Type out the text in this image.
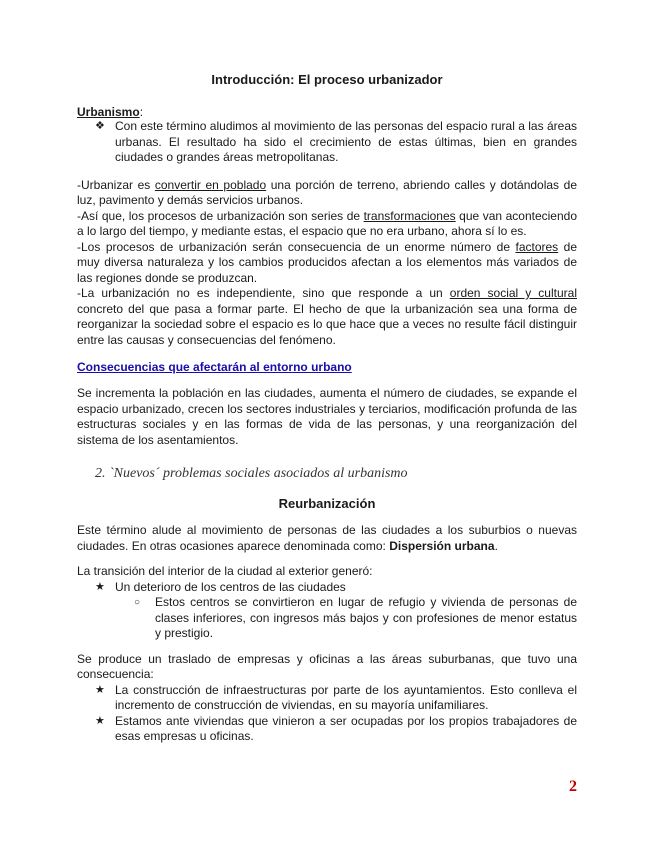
Introducción: El proceso urbanizador
Urbanismo:
❖ Con este término aludimos al movimiento de las personas del espacio rural a las áreas urbanas. El resultado ha sido el crecimiento de estas últimas, bien en grandes ciudades o grandes áreas metropolitanas.

-Urbanizar es convertir en poblado una porción de terreno, abriendo calles y dotándolas de luz, pavimento y demás servicios urbanos.

-Así que, los procesos de urbanización son series de transformaciones que van aconteciendo a lo largo del tiempo, y mediante estas, el espacio que no era urbano, ahora sí lo es.

-Los procesos de urbanización serán consecuencia de un enorme número de factores de muy diversa naturaleza y los cambios producidos afectan a los elementos más variados de las regiones donde se produzcan.

-La urbanización no es independiente, sino que responde a un orden social y cultural concreto del que pasa a formar parte. El hecho de que la urbanización sea una forma de reorganizar la sociedad sobre el espacio es lo que hace que a veces no resulte fácil distinguir entre las causas y consecuencias del fenómeno.

Consecuencias que afectarán al entorno urbano

Se incrementa la población en las ciudades, aumenta el número de ciudades, se expande el espacio urbanizado, crecen los sectores industriales y terciarios, modificación profunda de las estructuras sociales y en las formas de vida de las personas, y una reorganización del sistema de los asentamientos.

2. `Nuevos´ problemas sociales asociados al urbanismo
Reurbanización

Este término alude al movimiento de personas de las ciudades a los suburbios o nuevas ciudades. En otras ocasiones aparece denominada como: Dispersión urbana.

La transición del interior de la ciudad al exterior generó:

★ Un deterioro de los centros de las ciudades
○ Estos centros se convirtieron en lugar de refugio y vivienda de personas de clases inferiores, con ingresos más bajos y con profesiones de menor estatus y prestigio.

Se produce un traslado de empresas y oficinas a las áreas suburbanas, que tuvo una consecuencia:

★ La construcción de infraestructuras por parte de los ayuntamientos. Esto conlleva el incremento de construcción de viviendas, en su mayoría unifamiliares.
★ Estamos ante viviendas que vinieron a ser ocupadas por los propios trabajadores de esas empresas u oficinas.
2
